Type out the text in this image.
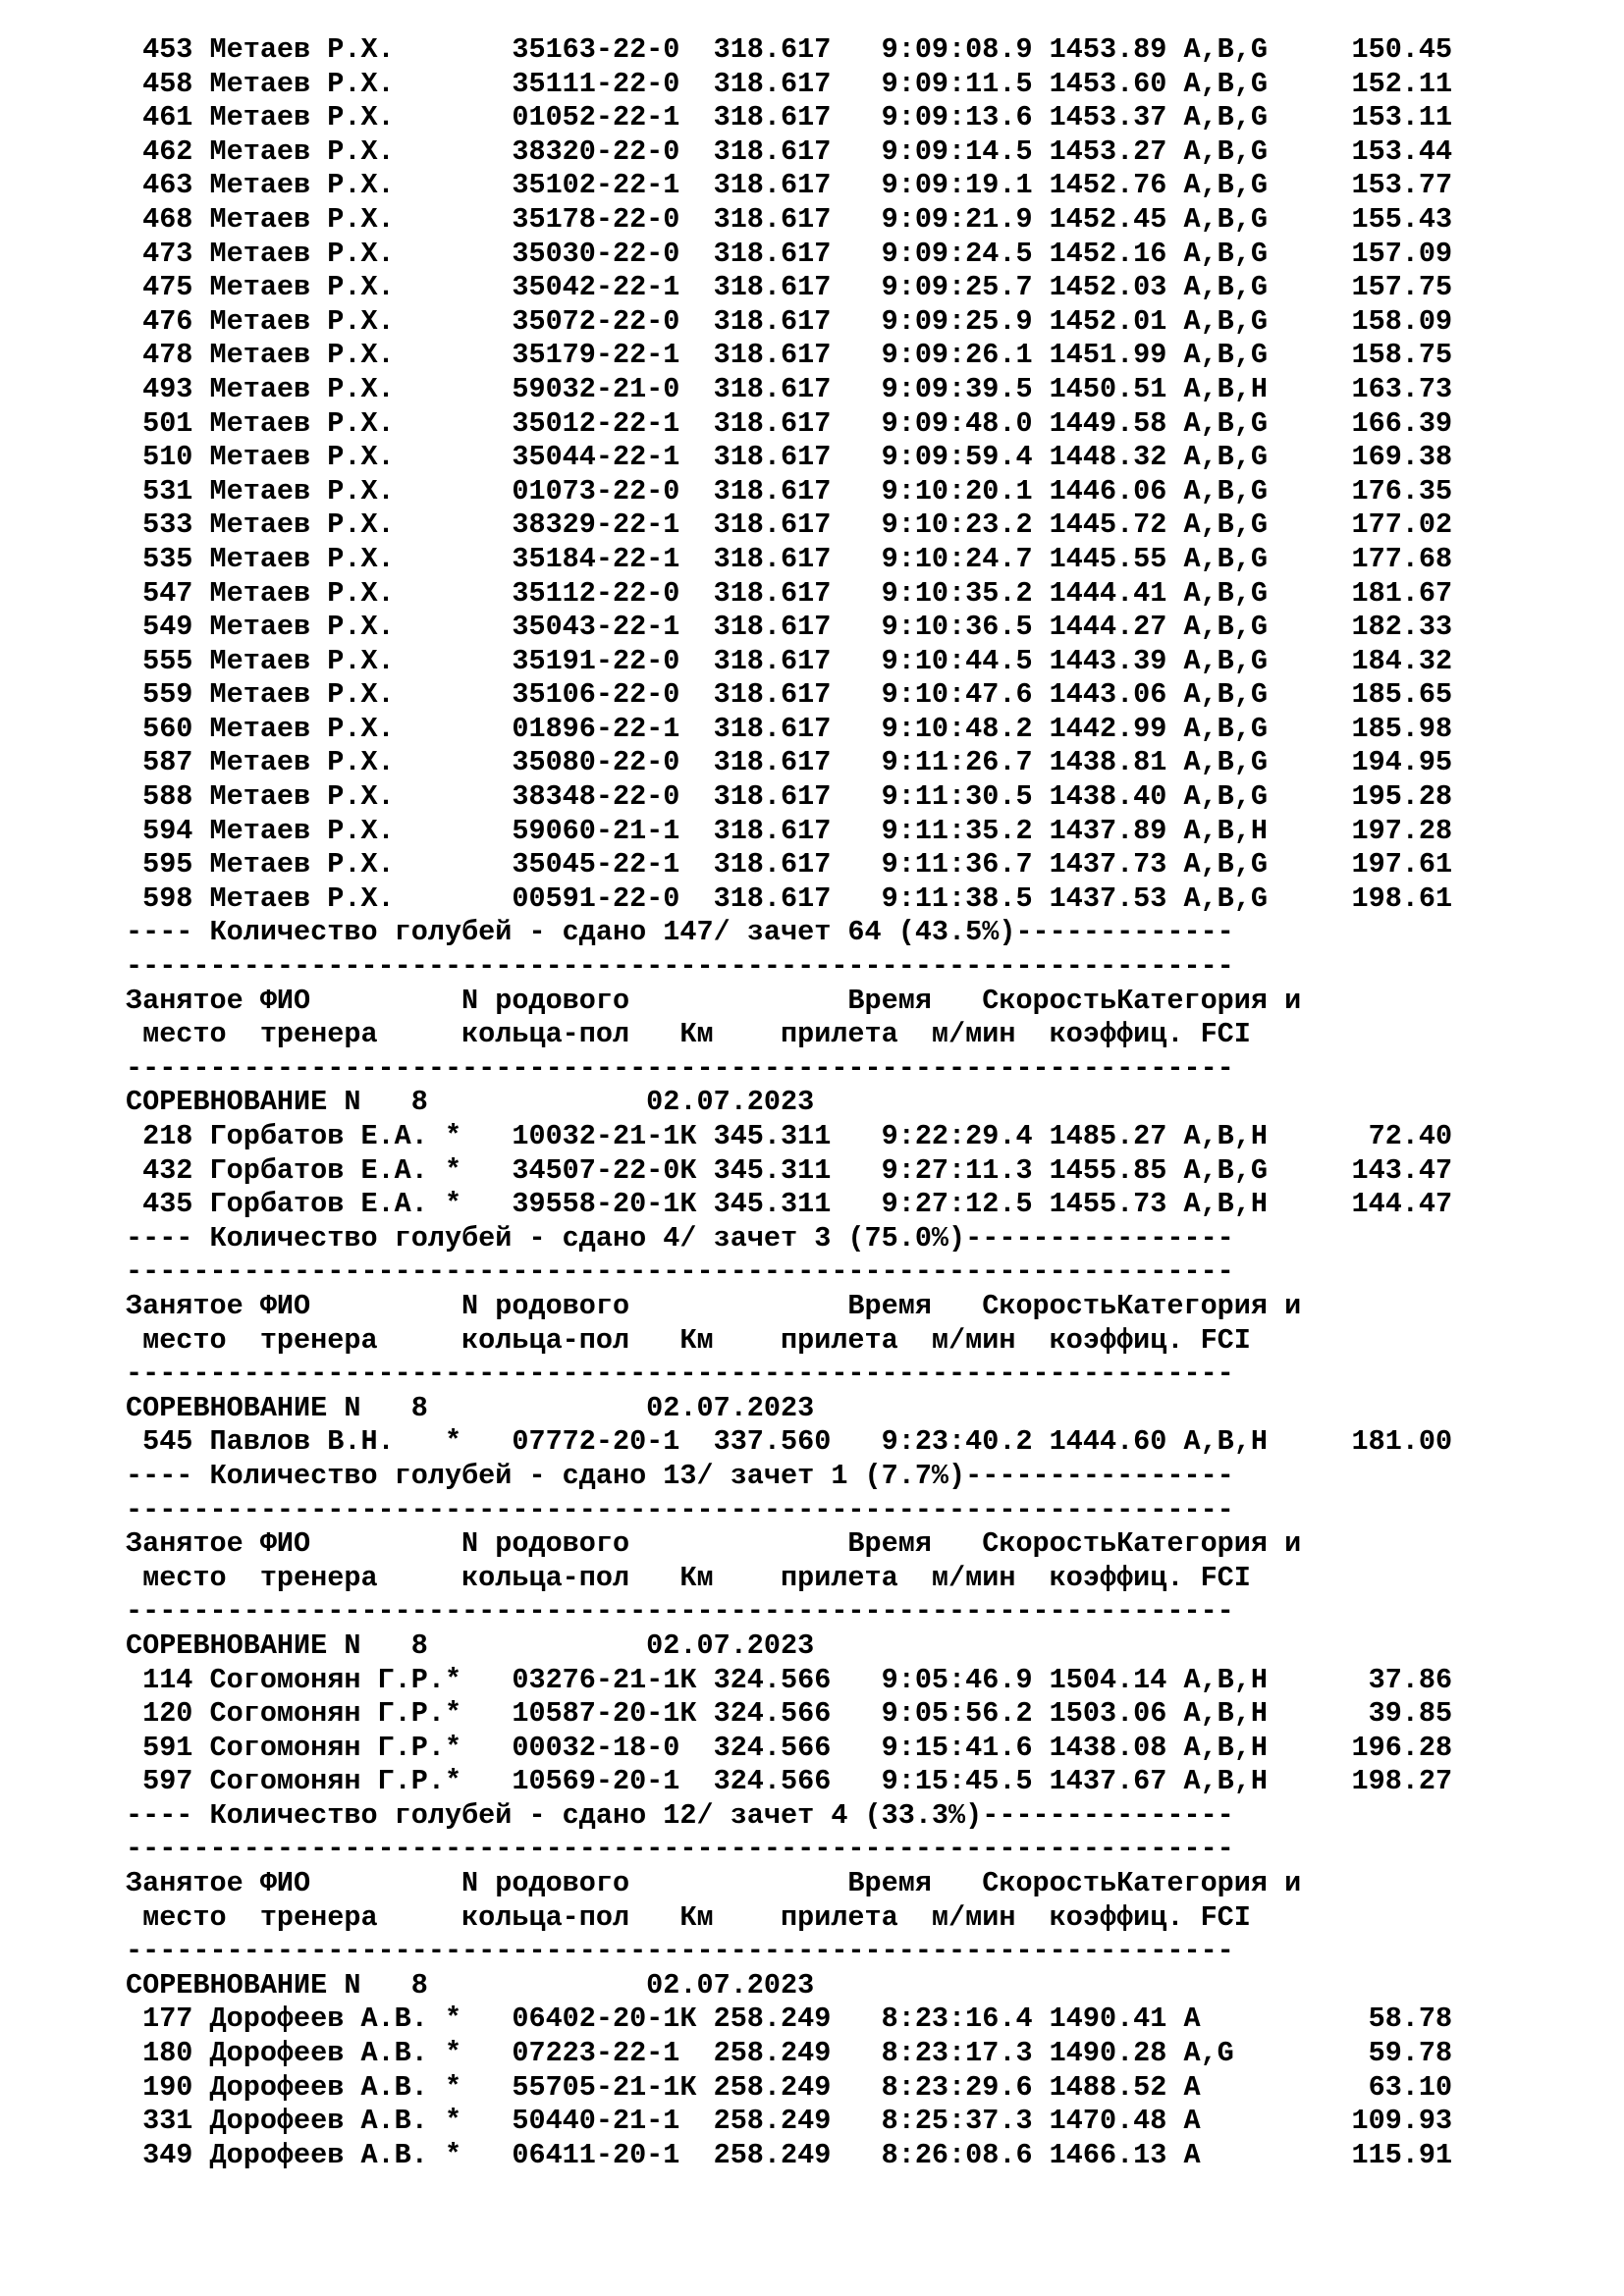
453 Метаев Р.Х.       35163-22-0  318.617   9:09:08.9 1453.89 A,B,G     150.45
458 Метаев Р.Х.       35111-22-0  318.617   9:09:11.5 1453.60 A,B,G     152.11
461 Метаев Р.Х.       01052-22-1  318.617   9:09:13.6 1453.37 A,B,G     153.11
462 Метаев Р.Х.       38320-22-0  318.617   9:09:14.5 1453.27 A,B,G     153.44
463 Метаев Р.Х.       35102-22-1  318.617   9:09:19.1 1452.76 A,B,G     153.77
468 Метаев Р.Х.       35178-22-0  318.617   9:09:21.9 1452.45 A,B,G     155.43
473 Метаев Р.Х.       35030-22-0  318.617   9:09:24.5 1452.16 A,B,G     157.09
475 Метаев Р.Х.       35042-22-1  318.617   9:09:25.7 1452.03 A,B,G     157.75
476 Метаев Р.Х.       35072-22-0  318.617   9:09:25.9 1452.01 A,B,G     158.09
478 Метаев Р.Х.       35179-22-1  318.617   9:09:26.1 1451.99 A,B,G     158.75
493 Метаев Р.Х.       59032-21-0  318.617   9:09:39.5 1450.51 A,B,H     163.73
501 Метаев Р.Х.       35012-22-1  318.617   9:09:48.0 1449.58 A,B,G     166.39
510 Метаев Р.Х.       35044-22-1  318.617   9:09:59.4 1448.32 A,B,G     169.38
531 Метаев Р.Х.       01073-22-0  318.617   9:10:20.1 1446.06 A,B,G     176.35
533 Метаев Р.Х.       38329-22-1  318.617   9:10:23.2 1445.72 A,B,G     177.02
535 Метаев Р.Х.       35184-22-1  318.617   9:10:24.7 1445.55 A,B,G     177.68
547 Метаев Р.Х.       35112-22-0  318.617   9:10:35.2 1444.41 A,B,G     181.67
549 Метаев Р.Х.       35043-22-1  318.617   9:10:36.5 1444.27 A,B,G     182.33
555 Метаев Р.Х.       35191-22-0  318.617   9:10:44.5 1443.39 A,B,G     184.32
559 Метаев Р.Х.       35106-22-0  318.617   9:10:47.6 1443.06 A,B,G     185.65
560 Метаев Р.Х.       01896-22-1  318.617   9:10:48.2 1442.99 A,B,G     185.98
587 Метаев Р.Х.       35080-22-0  318.617   9:11:26.7 1438.81 A,B,G     194.95
588 Метаев Р.Х.       38348-22-0  318.617   9:11:30.5 1438.40 A,B,G     195.28
594 Метаев Р.Х.       59060-21-1  318.617   9:11:35.2 1437.89 A,B,H     197.28
595 Метаев Р.Х.       35045-22-1  318.617   9:11:36.7 1437.73 A,B,G     197.61
598 Метаев Р.Х.       00591-22-0  318.617   9:11:38.5 1437.53 A,B,G     198.61
---- Количество голубей - сдано 147/ зачет 64 (43.5%)-------------
------------------------------------------------------------------
Занятое ФИО         N родового             Время   СкоростьКатегория и
место  тренера     кольца-пол   Км    прилета  м/мин  коэффиц. FCI
------------------------------------------------------------------
СОРЕВНОВАНИЕ N   8             02.07.2023
218 Горбатов Е.А. *   10032-21-1К 345.311   9:22:29.4 1485.27 A,B,H      72.40
432 Горбатов Е.А. *   34507-22-0К 345.311   9:27:11.3 1455.85 A,B,G     143.47
435 Горбатов Е.А. *   39558-20-1К 345.311   9:27:12.5 1455.73 A,B,H     144.47
---- Количество голубей - сдано 4/ зачет 3 (75.0%)----------------
------------------------------------------------------------------
Занятое ФИО         N родового             Время   СкоростьКатегория и
место  тренера     кольца-пол   Км    прилета  м/мин  коэффиц. FCI
------------------------------------------------------------------
СОРЕВНОВАНИЕ N   8             02.07.2023
545 Павлов В.Н.   *   07772-20-1  337.560   9:23:40.2 1444.60 A,B,H     181.00
---- Количество голубей - сдано 13/ зачет 1 (7.7%)----------------
------------------------------------------------------------------
Занятое ФИО         N родового             Время   СкоростьКатегория и
место  тренера     кольца-пол   Км    прилета  м/мин  коэффиц. FCI
------------------------------------------------------------------
СОРЕВНОВАНИЕ N   8             02.07.2023
114 Согомонян Г.Р.*   03276-21-1К 324.566   9:05:46.9 1504.14 A,B,H      37.86
120 Согомонян Г.Р.*   10587-20-1К 324.566   9:05:56.2 1503.06 A,B,H      39.85
591 Согомонян Г.Р.*   00032-18-0  324.566   9:15:41.6 1438.08 A,B,H     196.28
597 Согомонян Г.Р.*   10569-20-1  324.566   9:15:45.5 1437.67 A,B,H     198.27
---- Количество голубей - сдано 12/ зачет 4 (33.3%)---------------
------------------------------------------------------------------
Занятое ФИО         N родового             Время   СкоростьКатегория и
место  тренера     кольца-пол   Км    прилета  м/мин  коэффиц. FCI
------------------------------------------------------------------
СОРЕВНОВАНИЕ N   8             02.07.2023
177 Дорофеев А.В. *   06402-20-1К 258.249   8:23:16.4 1490.41 A          58.78
180 Дорофеев А.В. *   07223-22-1  258.249   8:23:17.3 1490.28 A,G        59.78
190 Дорофеев А.В. *   55705-21-1К 258.249   8:23:29.6 1488.52 A          63.10
331 Дорофеев А.В. *   50440-21-1  258.249   8:25:37.3 1470.48 A         109.93
349 Дорофеев А.В. *   06411-20-1  258.249   8:26:08.6 1466.13 A         115.91
